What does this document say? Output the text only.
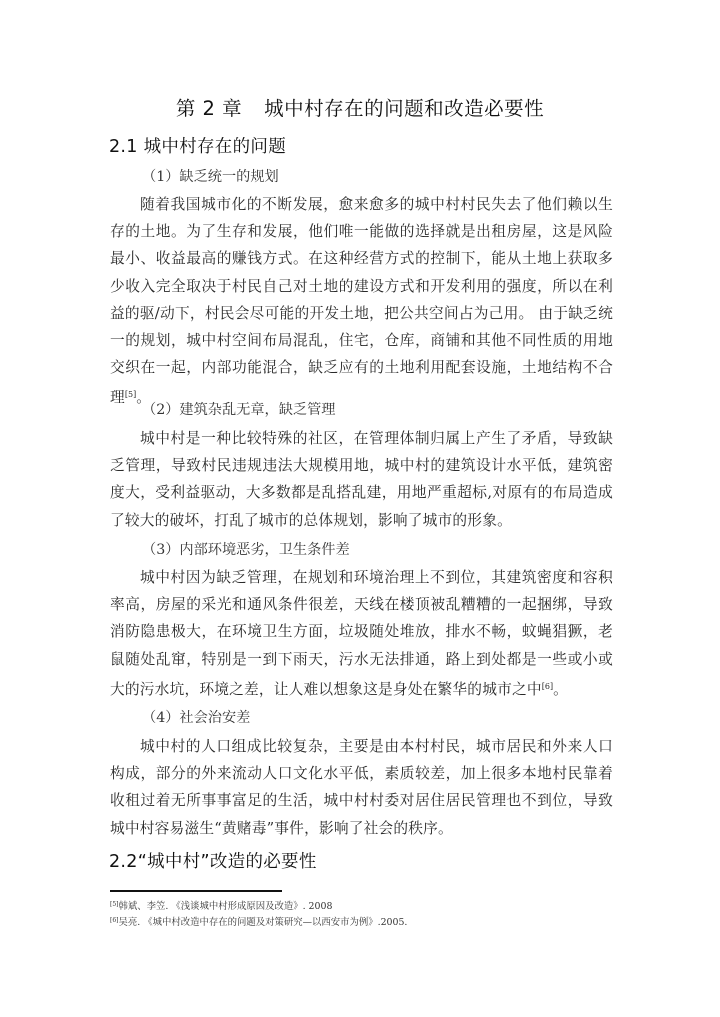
第 2 章 城中村存在的问题和改造必要性
2.1 城中村存在的问题
（1）缺乏统一的规划
随着我国城市化的不断发展，愈来愈多的城中村村民失去了他们赖以生存的土地。为了生存和发展，他们唯一能做的选择就是出租房屋，这是风险最小、收益最高的赚钱方式。在这种经营方式的控制下，能从土地上获取多少收入完全取决于村民自己对土地的建设方式和开发利用的强度，所以在利益的驱/动下，村民会尽可能的开发土地，把公共空间占为己用。 由于缺乏统一的规划，城中村空间布局混乱，住宅，仓库，商铺和其他不同性质的用地交织在一起，内部功能混合，缺乏应有的土地利用配套设施，土地结构不合理[5]。
（2）建筑杂乱无章，缺乏管理
城中村是一种比较特殊的社区，在管理体制归属上产生了矛盾，导致缺乏管理，导致村民违规违法大规模用地，城中村的建筑设计水平低，建筑密度大，受利益驱动，大多数都是乱搭乱建，用地严重超标,对原有的布局造成了较大的破坏，打乱了城市的总体规划，影响了城市的形象。
（3）内部环境恶劣，卫生条件差
城中村因为缺乏管理，在规划和环境治理上不到位，其建筑密度和容积率高，房屋的采光和通风条件很差，天线在楼顶被乱糟糟的一起捆绑，导致消防隐患极大，在环境卫生方面，垃圾随处堆放，排水不畅，蚊蝇猖獗，老鼠随处乱窜，特别是一到下雨天，污水无法排通，路上到处都是一些或小或大的污水坑，环境之差，让人难以想象这是身处在繁华的城市之中[6]。
（4）社会治安差
城中村的人口组成比较复杂，主要是由本村村民，城市居民和外来人口构成，部分的外来流动人口文化水平低，素质较差，加上很多本地村民靠着收租过着无所事事富足的生活，城中村村委对居住居民管理也不到位，导致城中村容易滋生“黄赌毒”事件，影响了社会的秩序。
2.2“城中村”改造的必要性
[5]韩斌、李笠. 《浅谈城中村形成原因及改造》. 2008
[6]吴亮. 《城中村改造中存在的问题及对策研究—以西安市为例》.2005.
